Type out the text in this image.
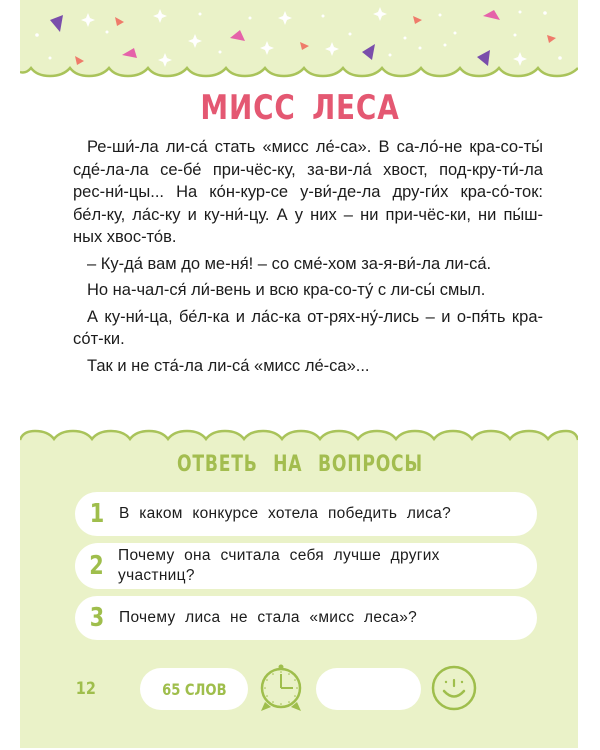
МИСС ЛЕСА

Ре-ши́-ла ли-са́ стать «мисс ле́-са». В са-ло́-не кра-со-ты́ сде́-ла-ла се-бе́ при-чёс-ку, за-ви-ла́ хвост, под-кру-ти́-ла рес-ни́-цы... На ко́н-кур-се у-ви́-де-ла дру-ги́х кра-со́-ток: бе́л-ку, ла́с-ку и ку-ни́-цу. А у них – ни при-чёс-ки, ни пы́ш-ных хвос-то́в.

– Ку-да́ вам до ме-ня́! – со сме́-хом за-я-ви́-ла ли-са́.

Но на-чал-ся́ ли́-вень и всю кра-со-ту́ с ли-сы́ смыл.

А ку-ни́-ца, бе́л-ка и ла́с-ка от-рях-ну́-лись – и о-пя́ть кра-со́т-ки.

Так и не ста́-ла ли-са́ «мисс ле́-са»...

ОТВЕТЬ НА ВОПРОСЫ
1 В каком конкурсе хотела победить лиса?
2 Почему она считала себя лучше других участниц?
3 Почему лиса не стала «мисс леса»?
12	65 СЛОВ
